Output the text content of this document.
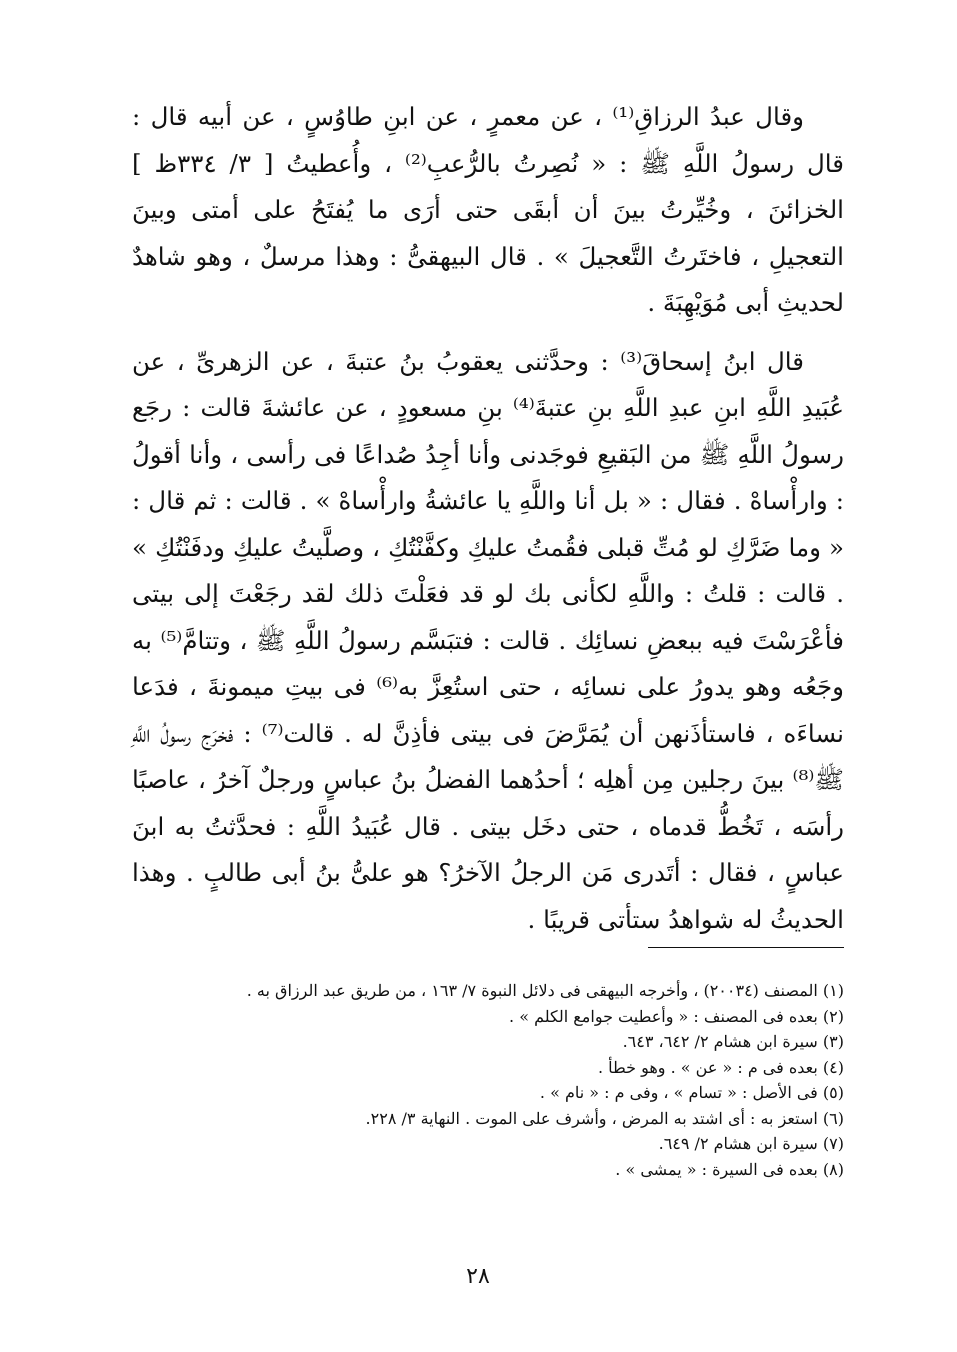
وقال عبدُ الرزاقِ⁽¹⁾ ، عن معمرٍ ، عن ابنِ طاوُسٍ ، عن أبيه قال : قال رسولُ اللَّهِ ﷺ : « نُصِرتُ بالرُّعبِ⁽²⁾ ، وأُعطيتُ [ ٣/ ٣٣٤ظ ] الخزائنَ ، وخُيِّرتُ بينَ أن أبقَى حتى أرَى ما يُفتَحُ على أمتى وبينَ التعجيلِ ، فاختَرتُ التَّعجيلَ » . قال البيهقىُّ : وهذا مرسلٌ ، وهو شاهدٌ لحديثِ أبى مُوَيْهِبَةَ .

قال ابنُ إسحاقَ⁽³⁾ : وحدَّثنى يعقوبُ بنُ عتبةَ ، عن الزهرىِّ ، عن عُبَيدِ اللَّهِ ابنِ عبدِ اللَّهِ بنِ عتبةَ⁽⁴⁾ بنِ مسعودٍ ، عن عائشةَ قالت : رجَع رسولُ اللَّهِ ﷺ من البَقيعِ فوجَدنى وأنا أجِدُ صُداعًا فى رأسى ، وأنا أقولُ : وارأْساهْ . فقال : « بل أنا واللَّهِ يا عائشةُ وارأْساهْ » . قالت : ثم قال : « وما ضَرَّكِ لو مُتِّ قبلى فقُمتُ عليكِ وكفَّنْتُكِ ، وصلَّيتُ عليكِ ودفَنْتُكِ » . قالت : قلتُ : واللَّهِ لكأنى بك لو قد فعَلْتَ ذلك لقد رجَعْتَ إلى بيتى فأعْرَسْتَ فيه ببعضِ نسائِك . قالت : فتبَسَّم رسولُ اللَّهِ ﷺ ، وتتامَّ⁽⁵⁾ به وجَعُه وهو يدورُ على نسائِه ، حتى استُعِزَّ به⁽⁶⁾ فى بيتِ ميمونةَ ، فدَعا نساءَه ، فاستأذَنهن أن يُمَرَّضَ فى بيتى فأذِنَّ له . قالت⁽⁷⁾ : فخرَج رسولُ اللَّهِ ﷺ⁽⁸⁾ بينَ رجلين مِن أهلِه ؛ أحدُهما الفضلُ بنُ عباسٍ ورجلٌ آخرُ ، عاصبًا رأسَه ، تَخُطُّ قدماه ، حتى دخَل بيتى . قال عُبَيدُ اللَّهِ : فحدَّثتُ به ابنَ عباسٍ ، فقال : أتَدرى مَن الرجلُ الآخرُ؟ هو علىُّ بنُ أبى طالبٍ . وهذا الحديثُ له شواهدُ ستأتى قريبًا .

(١) المصنف (٢٠٠٣٤) ، وأخرجه البيهقى فى دلائل النبوة ٧/ ١٦٣ ، من طريق عبد الرزاق به .
(٢) بعده فى المصنف : « وأعطيت جوامع الكلم » .
(٣) سيرة ابن هشام ٢/ ٦٤٢، ٦٤٣.
(٤) بعده فى م : « عن » . وهو خطأ .
(٥) فى الأصل : « تسام » ، وفى م : « نام » .
(٦) استعز به : أى اشتد به المرض ، وأشرف على الموت . النهاية ٣/ ٢٢٨.
(٧) سيرة ابن هشام ٢/ ٦٤٩.
(٨) بعده فى السيرة : « يمشى » .
٢٨
